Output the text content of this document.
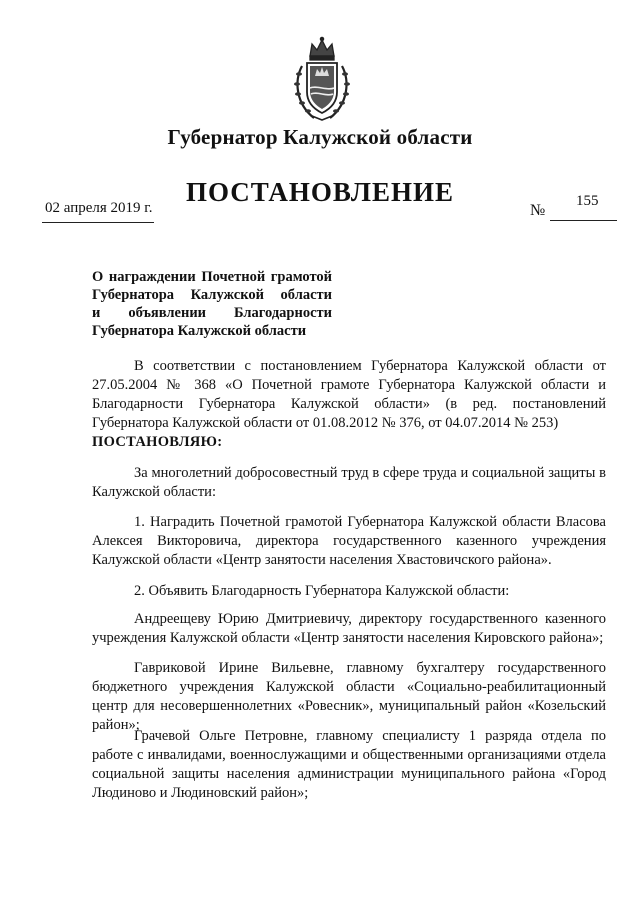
Губернатор Калужской области
ПОСТАНОВЛЕНИЕ
02 апреля 2019 г.	№
155
О награждении Почетной грамотой
Губернатора Калужской области
и объявлении Благодарности
Губернатора Калужской области
В соответствии с постановлением Губернатора Калужской области от 27.05.2004 № 368 «О Почетной грамоте Губернатора Калужской области и Благодарности Губернатора Калужской области» (в ред. постановлений Губернатора Калужской области от 01.08.2012 № 376, от 04.07.2014 № 253)
ПОСТАНОВЛЯЮ:
За многолетний добросовестный труд в сфере труда и социальной защиты в Калужской области:
1. Наградить Почетной грамотой Губернатора Калужской области Власова Алексея Викторовича, директора государственного казенного учреждения Калужской области «Центр занятости населения Хвастовичского района».
2. Объявить Благодарность Губернатора Калужской области:
Андреещеву Юрию Дмитриевичу, директору государственного казенного учреждения Калужской области «Центр занятости населения Кировского района»;
Гавриковой Ирине Вильевне, главному бухгалтеру государственного бюджетного учреждения Калужской области «Социально-реабилитационный центр для несовершеннолетних «Ровесник», муниципальный район «Козельский район»;
Грачевой Ольге Петровне, главному специалисту 1 разряда отдела по работе с инвалидами, военнослужащими и общественными организациями отдела социальной защиты населения администрации муниципального района «Город Людиново и Людиновский район»;
